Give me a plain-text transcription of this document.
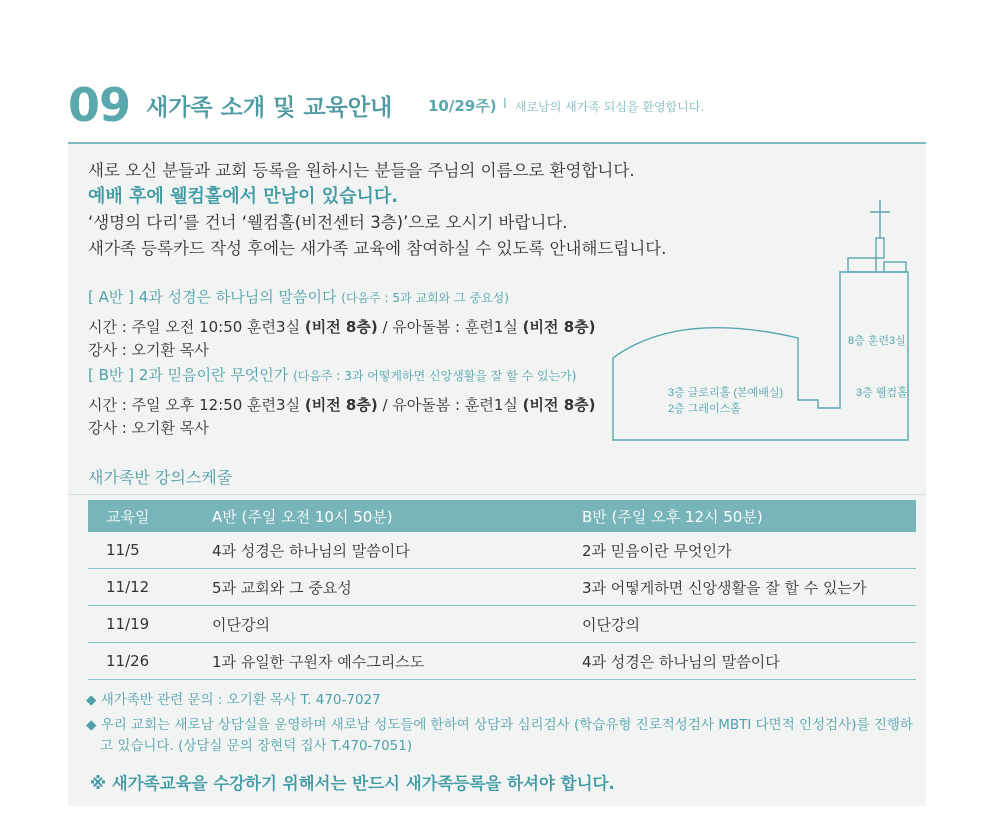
09 새가족 소개 및 교육안내 10/29주) I 새로남의 새가족 되심을 환영합니다.
새로 오신 분들과 교회 등록을 원하시는 분들을 주님의 이름으로 환영합니다.
예배 후에 웰컴홀에서 만남이 있습니다.
‘생명의 다리’를 건너 ‘웰컴홀(비전센터 3층)’으로 오시기 바랍니다.
새가족 등록카드 작성 후에는 새가족 교육에 참여하실 수 있도록 안내해드립니다.
[ A반 ] 4과 성경은 하나님의 말씀이다 (다음주 : 5과 교회와 그 중요성)
시간 : 주일 오전 10:50 훈련3실 (비전 8층) / 유아돌봄 : 훈련1실 (비전 8층)
강사 : 오기환 목사
[ B반 ] 2과 믿음이란 무엇인가 (다음주 : 3과 어떻게하면 신앙생활을 잘 할 수 있는가)
시간 : 주일 오후 12:50 훈련3실 (비전 8층) / 유아돌봄 : 훈련1실 (비전 8층)
강사 : 오기환 목사
3층 글로리홀 (본예배실)
2층 그레이스홀
8층 훈련3실
3층 웰컴홀
새가족반 강의스케줄
교육일	A반 (주일 오전 10시 50분)	B반 (주일 오후 12시 50분)
11/5	4과 성경은 하나님의 말씀이다	2과 믿음이란 무엇인가
11/12	5과 교회와 그 중요성	3과 어떻게하면 신앙생활을 잘 할 수 있는가
11/19	이단강의	이단강의
11/26	1과 유일한 구원자 예수그리스도	4과 성경은 하나님의 말씀이다
◆ 새가족반 관련 문의 : 오기환 목사 T. 470-7027
◆ 우리 교회는 새로남 상담실을 운영하며 새로남 성도들에 한하여 상담과 심리검사 (학습유형 진로적성검사 MBTI 다면적 인성검사)를 진행하고 있습니다. (상담실 문의 장현덕 집사 T.470-7051)
※ 새가족교육을 수강하기 위해서는 반드시 새가족등록을 하셔야 합니다.
